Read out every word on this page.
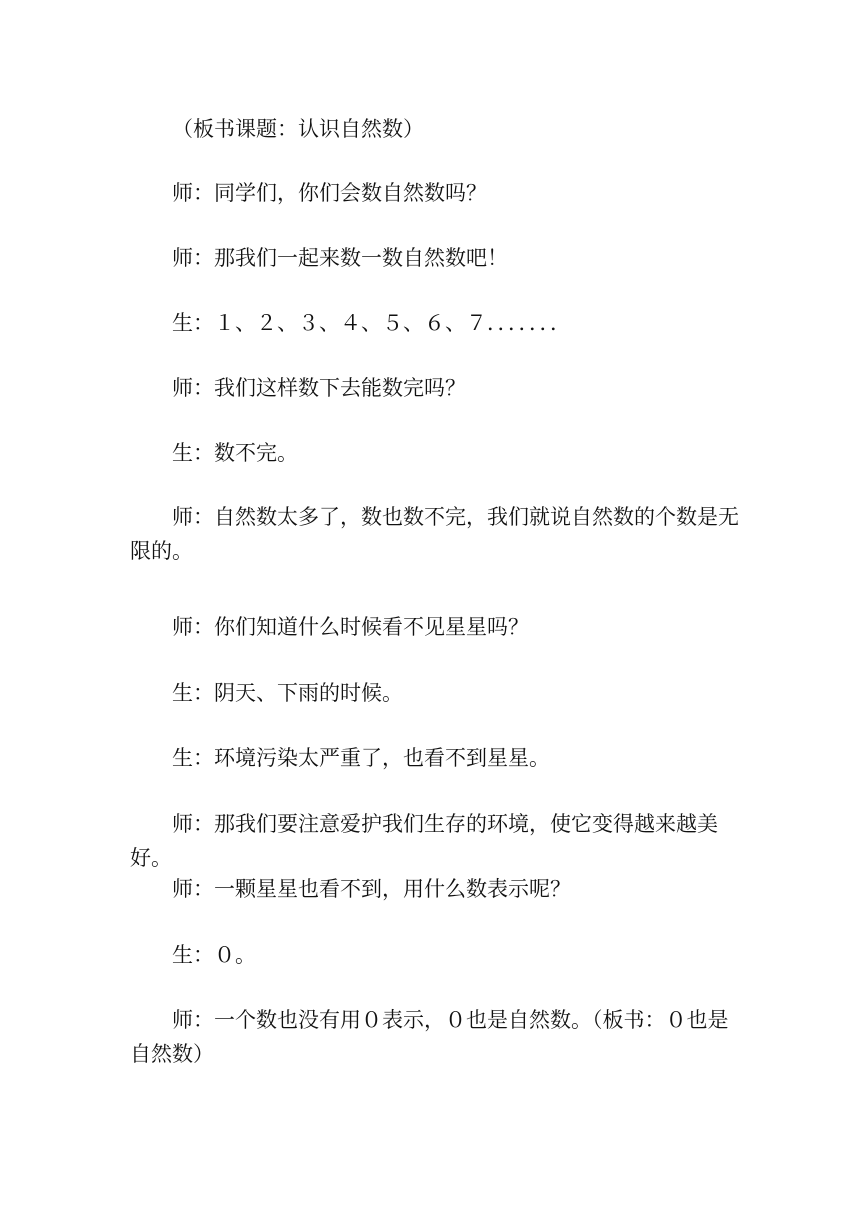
（板书课题：认识自然数）
师：同学们，你们会数自然数吗？
师：那我们一起来数一数自然数吧！
生：１、２、３、４、５、６、７．．．．．．．
师：我们这样数下去能数完吗？
生：数不完。
师：自然数太多了，数也数不完，我们就说自然数的个数是无限的。
师：你们知道什么时候看不见星星吗？
生：阴天、下雨的时候。
生：环境污染太严重了，也看不到星星。
师：那我们要注意爱护我们生存的环境，使它变得越来越美好。
师：一颗星星也看不到，用什么数表示呢？
生：０。
师：一个数也没有用０表示，０也是自然数。（板书：０也是自然数）
